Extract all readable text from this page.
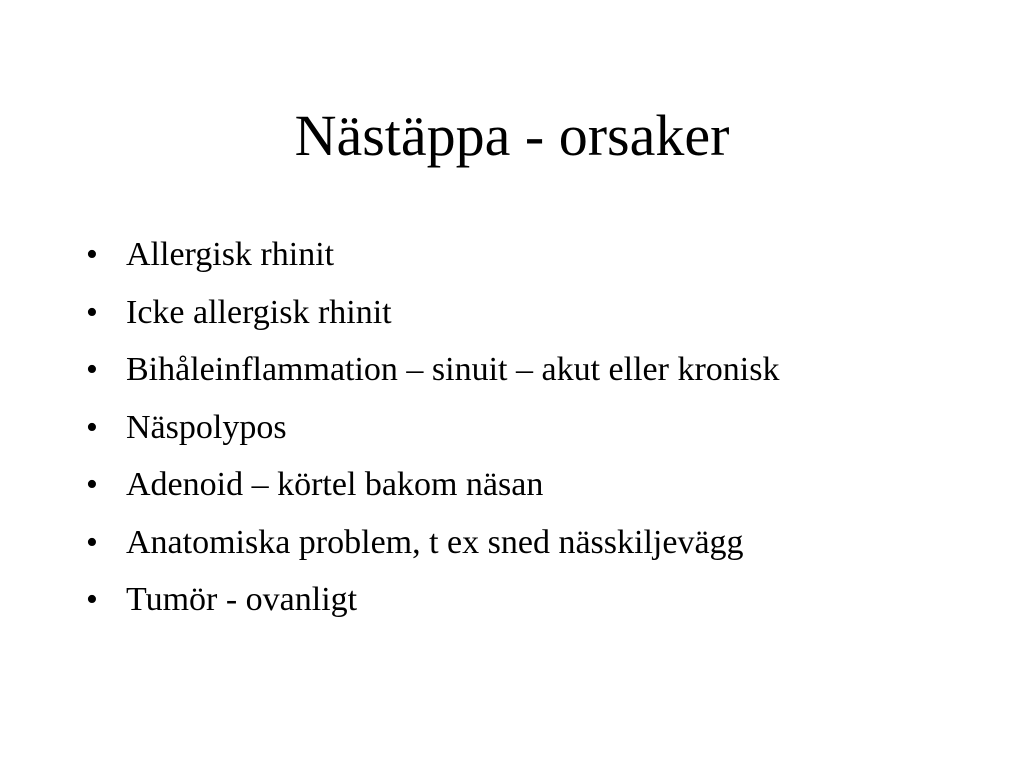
Nästäppa - orsaker
• Allergisk rhinit
• Icke allergisk rhinit
• Bihåleinflammation – sinuit – akut eller kronisk
• Näspolypos
• Adenoid – körtel bakom näsan
• Anatomiska problem, t ex sned nässkiljevägg
• Tumör - ovanligt
